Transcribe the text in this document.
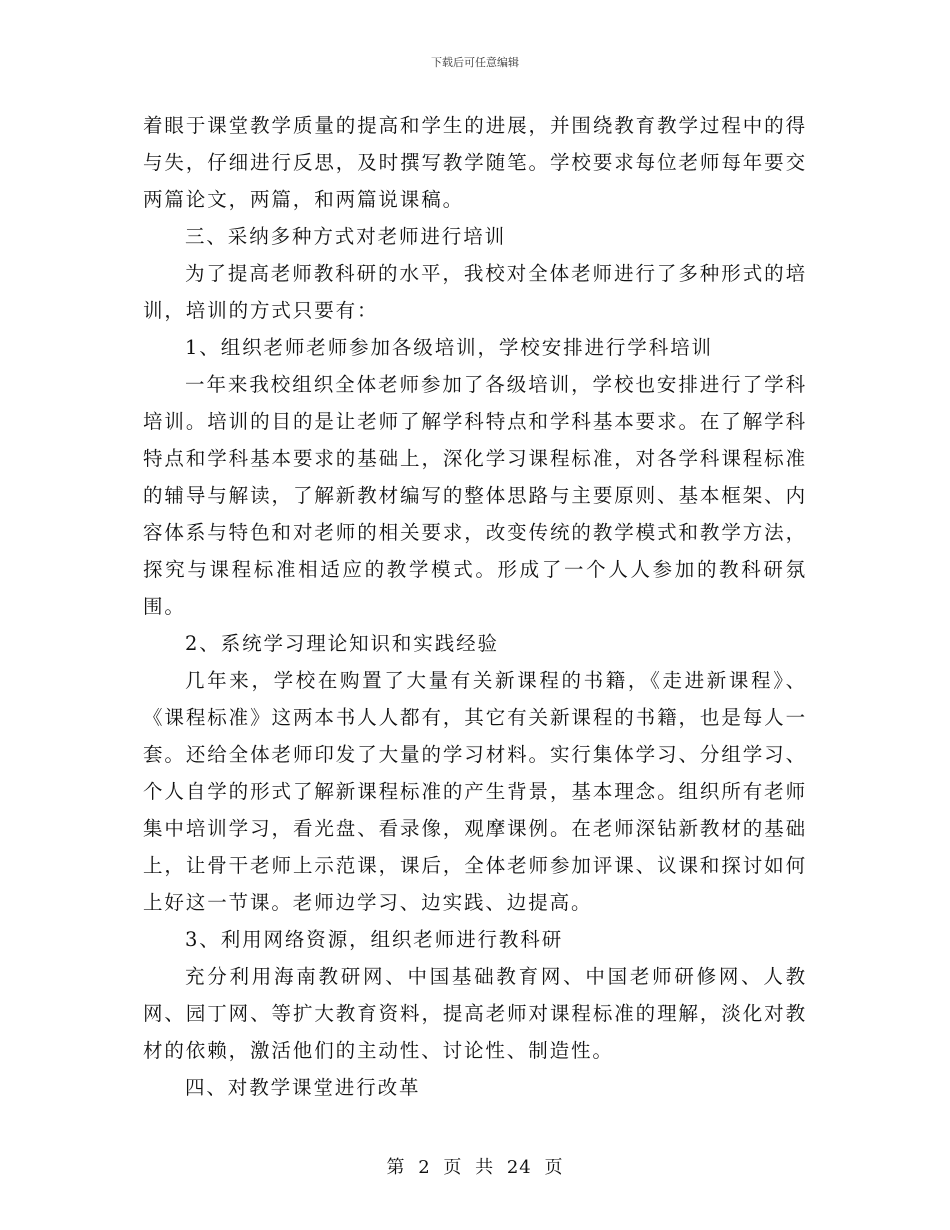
下载后可任意编辑

着眼于课堂教学质量的提高和学生的进展，并围绕教育教学过程中的得与失，仔细进行反思，及时撰写教学随笔。学校要求每位老师每年要交两篇论文，两篇，和两篇说课稿。

三、采纳多种方式对老师进行培训

为了提高老师教科研的水平，我校对全体老师进行了多种形式的培训，培训的方式只要有：

1、组织老师老师参加各级培训，学校安排进行学科培训

一年来我校组织全体老师参加了各级培训，学校也安排进行了学科培训。培训的目的是让老师了解学科特点和学科基本要求。在了解学科特点和学科基本要求的基础上，深化学习课程标准，对各学科课程标准的辅导与解读，了解新教材编写的整体思路与主要原则、基本框架、内容体系与特色和对老师的相关要求，改变传统的教学模式和教学方法，探究与课程标准相适应的教学模式。形成了一个人人参加的教科研氛围。

2、系统学习理论知识和实践经验

几年来，学校在购置了大量有关新课程的书籍，《走进新课程》、《课程标准》这两本书人人都有，其它有关新课程的书籍，也是每人一套。还给全体老师印发了大量的学习材料。实行集体学习、分组学习、个人自学的形式了解新课程标准的产生背景，基本理念。组织所有老师集中培训学习，看光盘、看录像，观摩课例。在老师深钻新教材的基础上，让骨干老师上示范课，课后，全体老师参加评课、议课和探讨如何上好这一节课。老师边学习、边实践、边提高。

3、利用网络资源，组织老师进行教科研

充分利用海南教研网、中国基础教育网、中国老师研修网、人教网、园丁网、等扩大教育资料，提高老师对课程标准的理解，淡化对教材的依赖，激活他们的主动性、讨论性、制造性。

四、对教学课堂进行改革

第 2 页 共 24 页
